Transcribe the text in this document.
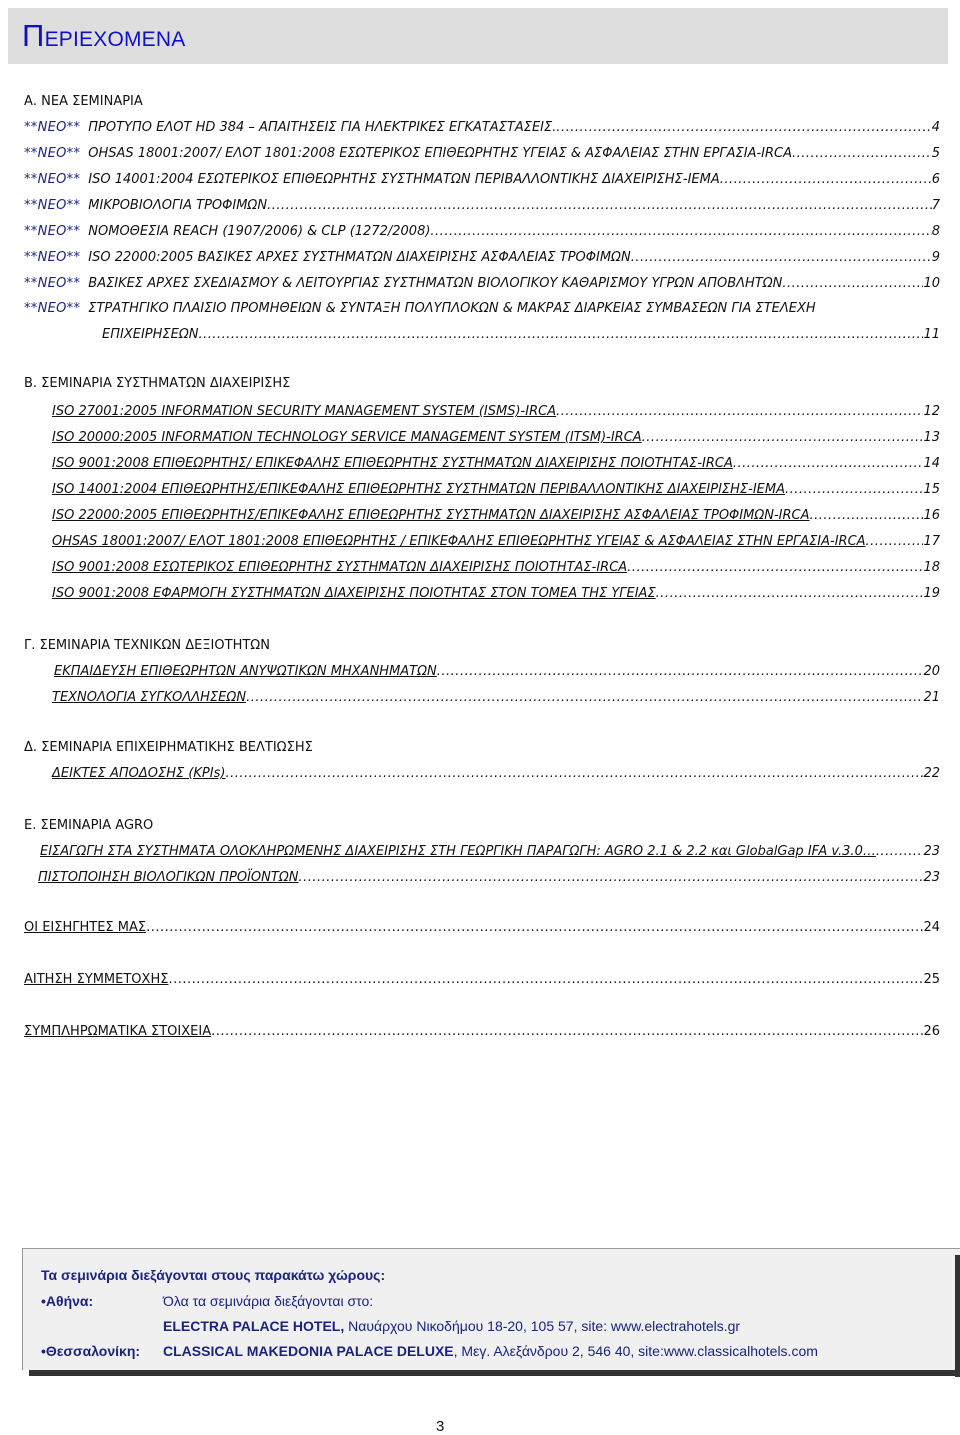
ΠΕΡΙΕΧΟΜΕΝΑ
Α. ΝΕΑ ΣΕΜΙΝΑΡΙΑ
**ΝΕΟ** ΠΡΟΤΥΠΟ ΕΛΟΤ HD 384 – ΑΠΑΙΤΗΣΕΙΣ ΓΙΑ ΗΛΕΚΤΡΙΚΕΣ ΕΓΚΑΤΑΣΤΑΣΕΙΣ. .....	4
**ΝΕΟ** OHSAS 18001:2007/ ΕΛΟΤ 1801:2008 ΕΣΩΤΕΡΙΚΟΣ ΕΠΙΘΕΩΡΗΤΗΣ ΥΓΕΙΑΣ & ΑΣΦΑΛΕΙΑΣ ΣΤΗΝ ΕΡΓΑΣΙΑ-IRCA .....	5
**ΝΕΟ** ISO 14001:2004 ΕΣΩΤΕΡΙΚΟΣ ΕΠΙΘΕΩΡΗΤΗΣ ΣΥΣΤΗΜΑΤΩΝ ΠΕΡΙΒΑΛΛΟΝΤΙΚΗΣ ΔΙΑΧΕΙΡΙΣΗΣ-ΙΕΜΑ .....	6
**ΝΕΟ** ΜΙΚΡΟΒΙΟΛΟΓΙΑ ΤΡΟΦΙΜΩΝ .....	7
**ΝΕΟ** ΝΟΜΟΘΕΣΙΑ REACH (1907/2006) & CLP (1272/2008) .....	8
**ΝΕΟ** ISO 22000:2005 ΒΑΣΙΚΕΣ ΑΡΧΕΣ ΣΥΣΤΗΜΑΤΩΝ ΔΙΑΧΕΙΡΙΣΗΣ ΑΣΦΑΛΕΙΑΣ ΤΡΟΦΙΜΩΝ .....	9
**ΝΕΟ** ΒΑΣΙΚΕΣ ΑΡΧΕΣ ΣΧΕΔΙΑΣΜΟΥ & ΛΕΙΤΟΥΡΓΙΑΣ ΣΥΣΤΗΜΑΤΩΝ ΒΙΟΛΟΓΙΚΟΥ ΚΑΘΑΡΙΣΜΟΥ ΥΓΡΩΝ ΑΠΟΒΛΗΤΩΝ .....	10
**ΝΕΟ** ΣΤΡΑΤΗΓΙΚΟ ΠΛΑΙΣΙΟ ΠΡΟΜΗΘΕΙΩΝ & ΣΥΝΤΑΞΗ ΠΟΛΥΠΛΟΚΩΝ & ΜΑΚΡΑΣ ΔΙΑΡΚΕΙΑΣ ΣΥΜΒΑΣΕΩΝ ΓΙΑ ΣΤΕΛΕΧΗ
ΕΠΙΧΕΙΡΗΣΕΩΝ .....	11
Β. ΣΕΜΙΝΑΡΙΑ ΣΥΣΤΗΜΑΤΩΝ ΔΙΑΧΕΙΡΙΣΗΣ
ISO 27001:2005 INFORMATION SECURITY MANAGEMENT SYSTEM (ISMS)-IRCA .....	12
ISO 20000:2005 INFORMATION TECHNOLOGY SERVICE MANAGEMENT SYSTEM (ITSM)-IRCA .....	13
ISO 9001:2008 ΕΠΙΘΕΩΡΗΤΗΣ/ ΕΠΙΚΕΦΑΛΗΣ ΕΠΙΘΕΩΡΗΤΗΣ ΣΥΣΤΗΜΑΤΩΝ ΔΙΑΧΕΙΡΙΣΗΣ ΠΟΙΟΤΗΤΑΣ-IRCA .....	14
ISO 14001:2004 ΕΠΙΘΕΩΡΗΤΗΣ/ΕΠΙΚΕΦΑΛΗΣ ΕΠΙΘΕΩΡΗΤΗΣ ΣΥΣΤΗΜΑΤΩΝ ΠΕΡΙΒΑΛΛΟΝΤΙΚΗΣ ΔΙΑΧΕΙΡΙΣΗΣ-ΙΕΜΑ .....	15
ISO 22000:2005 ΕΠΙΘΕΩΡΗΤΗΣ/ΕΠΙΚΕΦΑΛΗΣ ΕΠΙΘΕΩΡΗΤΗΣ ΣΥΣΤΗΜΑΤΩΝ ΔΙΑΧΕΙΡΙΣΗΣ ΑΣΦΑΛΕΙΑΣ ΤΡΟΦΙΜΩΝ-IRCA .....	16
OHSAS 18001:2007/ ΕΛΟΤ 1801:2008 ΕΠΙΘΕΩΡΗΤΗΣ / ΕΠΙΚΕΦΑΛΗΣ ΕΠΙΘΕΩΡΗΤΗΣ ΥΓΕΙΑΣ & ΑΣΦΑΛΕΙΑΣ ΣΤΗΝ ΕΡΓΑΣΙΑ-IRCA .....	17
ISO 9001:2008 ΕΣΩΤΕΡΙΚΟΣ ΕΠΙΘΕΩΡΗΤΗΣ ΣΥΣΤΗΜΑΤΩΝ ΔΙΑΧΕΙΡΙΣΗΣ ΠΟΙΟΤΗΤΑΣ-IRCA .....	18
ISO 9001:2008 ΕΦΑΡΜΟΓΗ ΣΥΣΤΗΜΑΤΩΝ ΔΙΑΧΕΙΡΙΣΗΣ ΠΟΙΟΤΗΤΑΣ ΣΤΟΝ ΤΟΜΕΑ ΤΗΣ ΥΓΕΙΑΣ .....	19
Γ. ΣΕΜΙΝΑΡΙΑ ΤΕΧΝΙΚΩΝ ΔΕΞΙΟΤΗΤΩΝ
ΕΚΠΑΙΔΕΥΣΗ ΕΠΙΘΕΩΡΗΤΩΝ ΑΝΥΨΩΤΙΚΩΝ ΜΗΧΑΝΗΜΑΤΩΝ .....	20
ΤΕΧΝΟΛΟΓΙΑ ΣΥΓΚΟΛΛΗΣΕΩΝ .....	21
Δ. ΣΕΜΙΝΑΡΙΑ ΕΠΙΧΕΙΡΗΜΑΤΙΚΗΣ ΒΕΛΤΙΩΣΗΣ
ΔΕΙΚΤΕΣ ΑΠΟΔΟΣΗΣ (KPIs) .....	22
Ε. ΣΕΜΙΝΑΡΙΑ AGRO
ΕΙΣΑΓΩΓΗ ΣΤΑ ΣΥΣΤΗΜΑΤΑ ΟΛΟΚΛΗΡΩΜΕΝΗΣ ΔΙΑΧΕΙΡΙΣΗΣ ΣΤΗ ΓΕΩΡΓΙΚΗ ΠΑΡΑΓΩΓΗ: AGRO 2.1 & 2.2 και GlobalGap IFA v.3.0… .....	23
ΠΙΣΤΟΠΟΙΗΣΗ ΒΙΟΛΟΓΙΚΩΝ ΠΡΟΪΟΝΤΩΝ .....	23
ΟΙ ΕΙΣΗΓΗΤΕΣ ΜΑΣ .....	24
ΑΙΤΗΣΗ ΣΥΜΜΕΤΟΧΗΣ .....	25
ΣΥΜΠΛΗΡΩΜΑΤΙΚΑ ΣΤΟΙΧΕΙΑ .....	26
Τα σεμινάρια διεξάγονται στους παρακάτω χώρους:
•Αθήνα:	Όλα τα σεμινάρια διεξάγονται στο:
ELECTRA PALACE HOTEL, Ναυάρχου Νικοδήμου 18-20, 105 57, site: www.electrahotels.gr
•Θεσσαλονίκη: CLASSICAL MAKEDONIA PALACE DELUXE, Μεγ. Αλεξάνδρου 2, 546 40, site:www.classicalhotels.com
3
